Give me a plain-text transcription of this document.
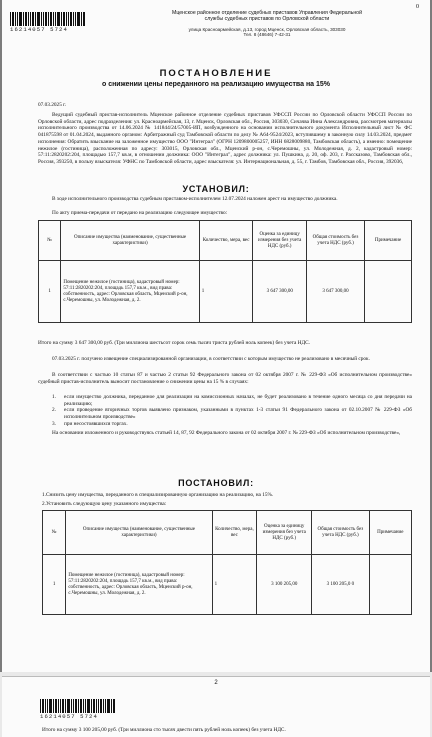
16214057 5724
0
Мценское районное отделение судебных приставов Управления Федеральной
службы судебных приставов по Орловской области
улица Красноармейская, д.13, город Мценск, Орловская область, 303030
Тел. 8 (48646) 7-42-31
ПОСТАНОВЛЕНИЕ
о снижении цены переданного на реализацию имущества на 15%
07.03.2025 г.
Ведущий судебный пристав-исполнитель Мценское районное отделение судебных приставов УФССП России по Орловской области УФССП России по Орловской области, адрес подразделения: ул. Красноармейская, 13, г. Мценск, Орловская обл., Россия, 303030, Сичачва Инна Александровна, рассмотрев материалы исполнительного производства от 14.06.2024 № 141844/24/57005-ИП, возбужденного на основании исполнительного документа Исполнительный лист № ФС 041875598 от 01.04.2024, выданного органом: Арбитражный суд Тамбовской области по делу № А64-9524/2023, вступившему в законную силу 14.03.2024, предмет исполнения: Обратить взыскание на заложенное имущество ООО "Интеграл" (ОГРН 1209800005257, ИНН 6828009880, Тамбовская область), а именно: помещение нежилое (гостиница), расположенная по адресу: 303015, Орловская обл., Мценский р-он, с.Черемошны, ул. Молодежная, д. 2, кадастровый номер: 57:11:2820202:204, площадью 157,7 кв.м, в отношении должника: ООО "Интеграл", адрес должника: ул. Пушкина, д. 20, оф. 203, г. Рассказово, Тамбовская обл., Россия, 393250, в пользу взыскателя: УФНС по Тамбовской области, адрес взыскателя: ул. Интернациональная, д. 55, г. Тамбов, Тамбовская обл., Россия, 392036,
УСТАНОВИЛ:
В ходе исполнительного производства судебным приставом-исполнителем 12.07.2024 наложен арест на имущество должника.
По акту приема-передачи от передано на реализацию следующее имущество:
№	Описание имущества (наименование, существенные характеристики)	Количество, мера, вес	Оценка за единицу измерения без учета НДС (руб.)	Общая стоимость без учета НДС (руб.)	Примечание
1	Помещение нежилое (гостиница), кадастровый номер: 57:11:2820202:204, площадь 157,7 кв.м., вид права: собственность, адрес: Орловская область, Мценский р-он, с.Черемошны, ул. Молодежная, д. 2.	1	3 647 300,00	3 647 300,00	
Итого на сумму 3 647 300,00 руб. (Три миллиона шестьсот сорок семь тысяч триста рублей ноль копеек) без учета НДС.
07.03.2025 г. получено извещение специализированной организации, в соответствии с которым имущество не реализовано в месячный срок.
В соответствии с частью 10 статьи 87 и частью 2 статьи 92 Федерального закона от 02 октября 2007 г. № 229-ФЗ «Об исполнительном производстве» судебный пристав-исполнитель выносит постановление о снижении цены на 15 % в случаях:
1.	если имущество должника, переданное для реализации на комиссионных началах, не будет реализовано в течение одного месяца со дня передачи на реализацию;
2.	если проведение вторичных торгов выявлено признаком, указанными в пунктах 1-3 статьи 91 Федерального закона от 02.10.2007 № 229-ФЗ «Об исполнительном производстве»
3.	при несостоявшихся торгах.
На основании изложенного и руководствуясь статьей 14, 87, 92 Федерального закона от 02 октября 2007 г. № 229-ФЗ «Об исполнительном производстве»,
ПОСТАНОВИЛ:
1.Снизить цену имущества, переданного в специализированную организацию на реализацию, на 15%.
2.Установить следующую цену указанного имущества:
№	Описание имущества (наименование, существенные характеристики)	Количество, мера, вес	Оценка за единицу измерения без учета НДС (руб.)	Общая стоимость без учета НДС (руб.)	Примечание
1	Помещение нежилое (гостиница), кадастровый номер: 57:11:2820202:204, площадь 157,7 кв.м., вид права: собственность, адрес: Орловская область, Мценский р-он, с.Черемошны, ул. Молодежная, д. 2.	1	3 100 205,00	3 100 205,0 0	
2
16214057 5724
Итого на сумму 3 100 205,00 руб. (Три миллиона сто тысяч двести пять рублей ноль копеек) без учета НДС.
